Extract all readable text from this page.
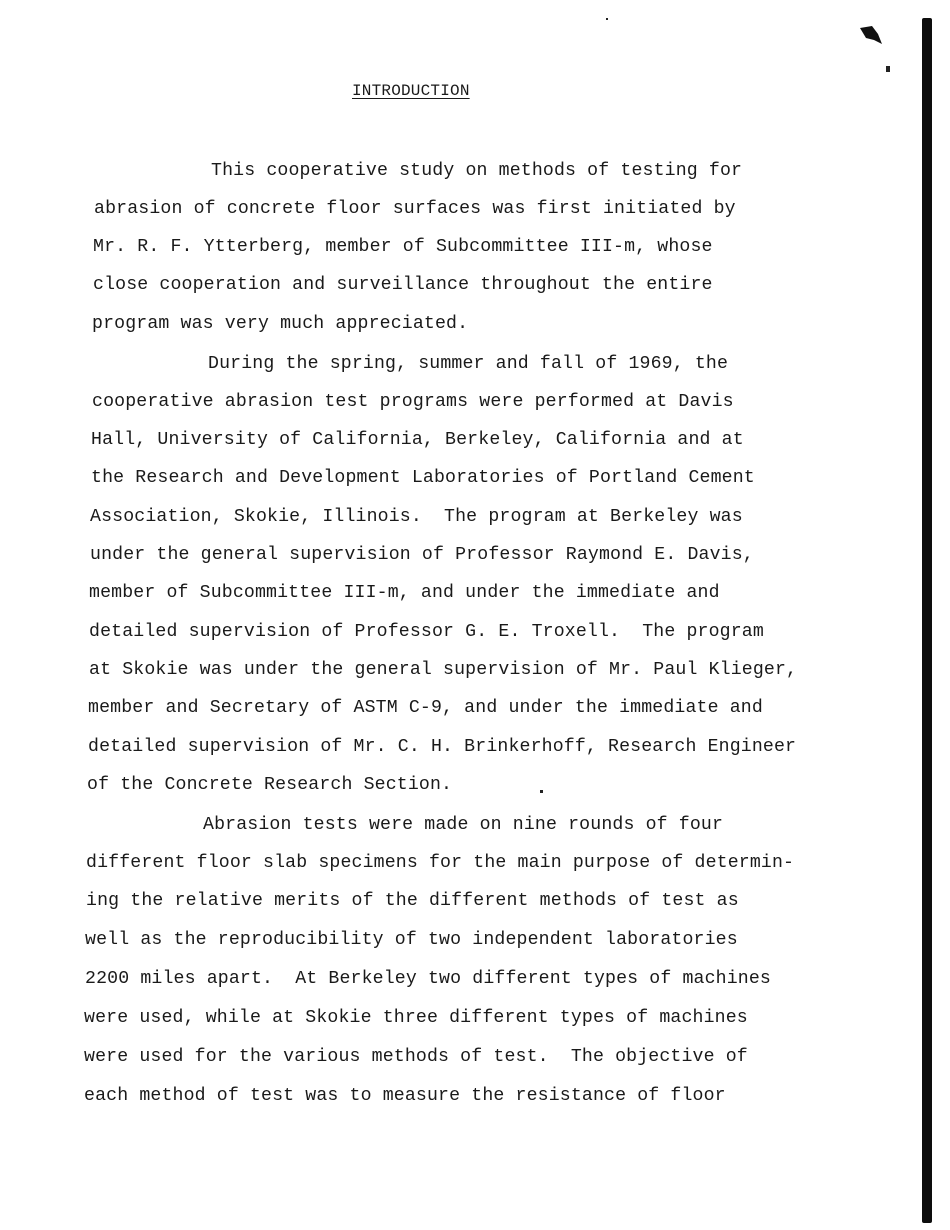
INTRODUCTION
This cooperative study on methods of testing for
abrasion of concrete floor surfaces was first initiated by
Mr. R. F. Ytterberg, member of Subcommittee III-m, whose
close cooperation and surveillance throughout the entire
program was very much appreciated.
During the spring, summer and fall of 1969, the
cooperative abrasion test programs were performed at Davis
Hall, University of California, Berkeley, California and at
the Research and Development Laboratories of Portland Cement
Association, Skokie, Illinois.  The program at Berkeley was
under the general supervision of Professor Raymond E. Davis,
member of Subcommittee III-m, and under the immediate and
detailed supervision of Professor G. E. Troxell.  The program
at Skokie was under the general supervision of Mr. Paul Klieger,
member and Secretary of ASTM C-9, and under the immediate and
detailed supervision of Mr. C. H. Brinkerhoff, Research Engineer
of the Concrete Research Section.
Abrasion tests were made on nine rounds of four
different floor slab specimens for the main purpose of determin-
ing the relative merits of the different methods of test as
well as the reproducibility of two independent laboratories
2200 miles apart.  At Berkeley two different types of machines
were used, while at Skokie three different types of machines
were used for the various methods of test.  The objective of
each method of test was to measure the resistance of floor
